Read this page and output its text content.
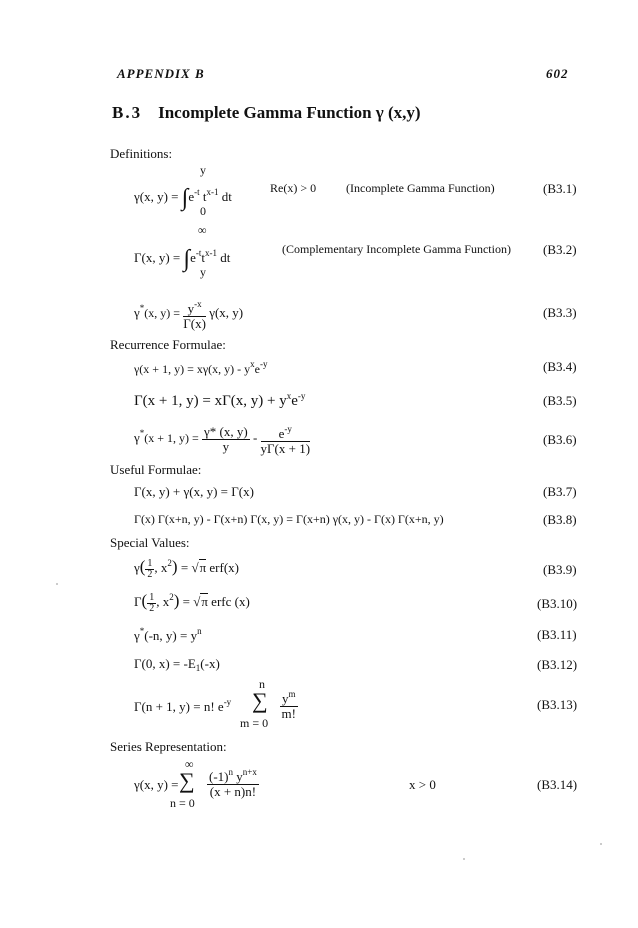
APPENDIX B	602
B.3 Incomplete Gamma Function γ (x,y)
Definitions:
y
γ(x, $y) = \int e^{-t}$ $t^{x-1}$ dt
Re(x) > 0 (Incomplete Gamma Function)	(B3.1)
0
∞
Γ(x, $y) = \int e^{-t}t^{x-1}$ dt
(Complementary Incomplete Gamma Function) (B3.2)
y
γ*(x, $y) = \frac{y^{-x}}{\Gamma(x)} \gamma(x$, y)	(B3.3)
Recurrence Formulae:
γ(x + 1, y) = xγ(x, $y) - y^xe^{-y}$	(B3.4)
Γ(x + 1, y) = xΓ(x, $y) + y^xe^{-y}$	(B3.5)
γ*(x + 1, $y) = \frac{\gamma* (x, y)}{y} - \frac{e^{-y}}{y\Gamma(x + 1)}$	(B3.6)
Useful Formulae:
Γ(x, y) + γ(x, y) = Γ(x)	(B3.7)
Γ(x) Γ(x+n, y) - Γ(x+n) Γ(x, y) = Γ(x+n) γ(x, y) - Γ(x) Γ(x+n, y)	(B3.8)
Special Values:
$\gamma( \frac{1}{2}$ , $x^2) = √\pi$ erf(x)	(B3.9)
$\Gamma( \frac{1}{2}$ , $x^2) = √\pi$ erfc (x)	(B3.10)
γ*(-n, $y) = y^n$	(B3.11)
Γ(0, $x) = -E_1(-x)$	(B3.12)
n
Γ(n + 1, y) = n! $e^{-y}$ ∑ $\frac{y^m}{m!}$
m = 0
(B3.13)
Series Representation:
∞
γ(x, y) = ∑ $\frac{(-1)^n y^{n+x}}{(x + n)n!}$
n = 0
x > 0	(B3.14)
